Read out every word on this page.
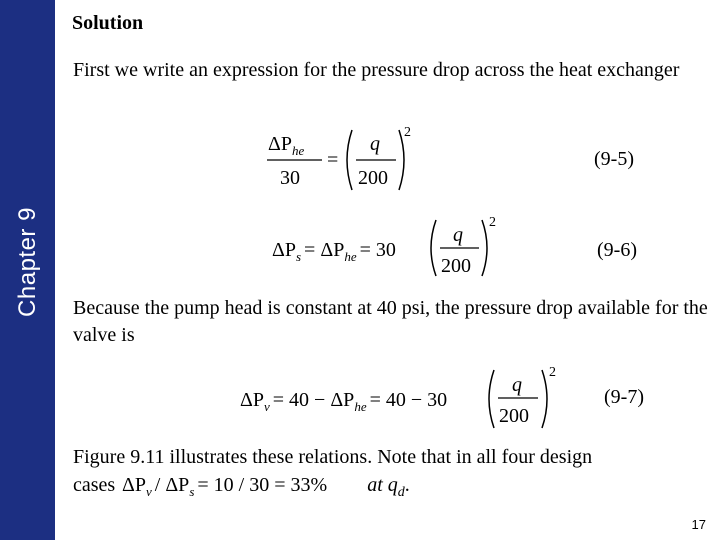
Chapter 9
Solution
First we write an expression for the pressure drop across the heat exchanger
$\Delta P_{he}$
30
=
q
200
2
(9-5)
$\Delta P_s = \Delta P_{he} = 30$
q
200
2
(9-6)
Because the pump head is constant at 40 psi, the pressure drop available for the valve is
$\Delta P_v = 40 - \Delta P_{he} = 40 - 30$
q
200
2
(9-7)
Figure 9.11 illustrates these relations. Note that in all four design
cases $\Delta P_v / \Delta P_s = 10 / 30 = 33\%$ at $q_d$.
17
